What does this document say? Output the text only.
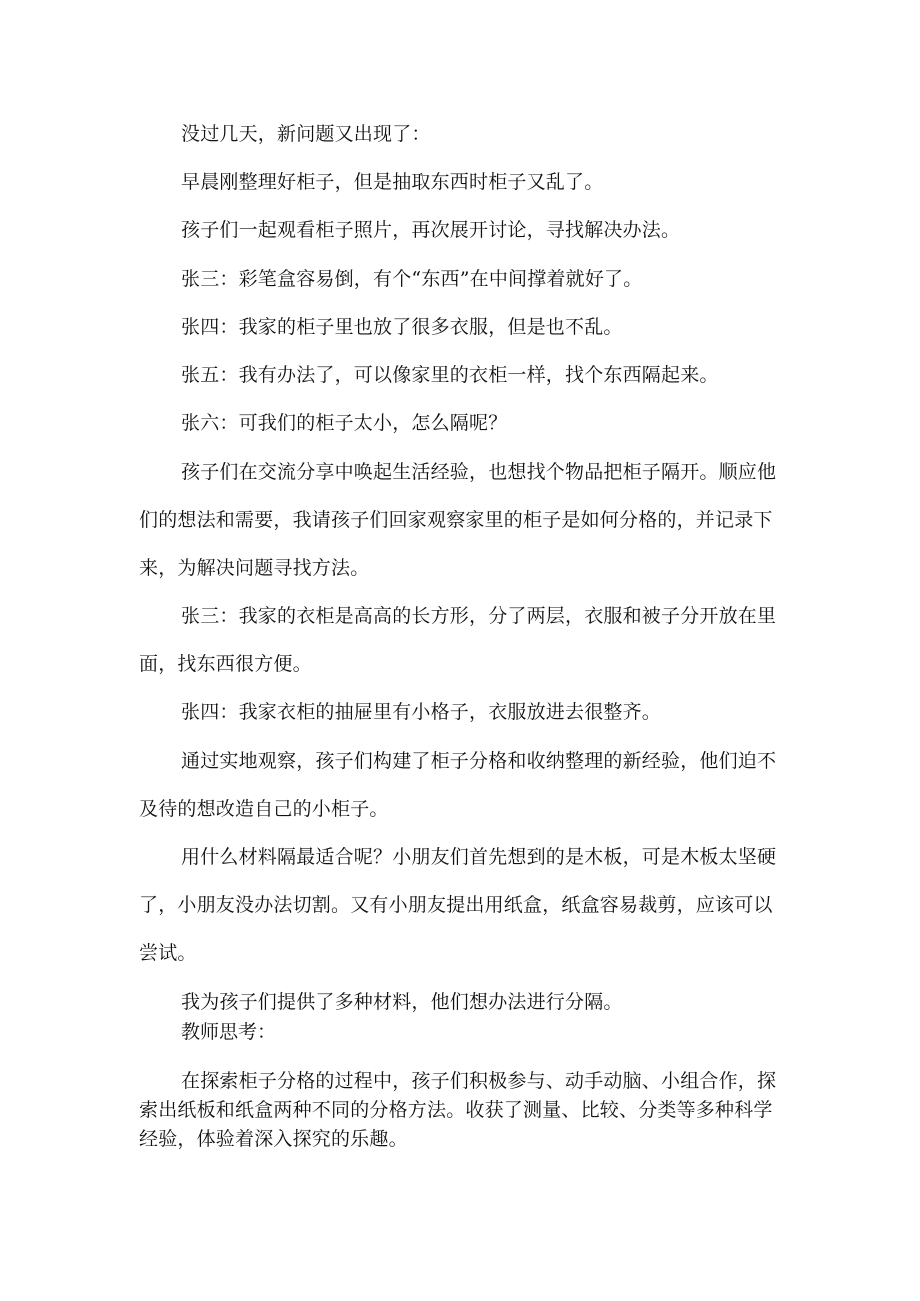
没过几天，新问题又出现了：

早晨刚整理好柜子，但是抽取东西时柜子又乱了。

孩子们一起观看柜子照片，再次展开讨论，寻找解决办法。

张三：彩笔盒容易倒，有个“东西”在中间撑着就好了。

张四：我家的柜子里也放了很多衣服，但是也不乱。

张五：我有办法了，可以像家里的衣柜一样，找个东西隔起来。

张六：可我们的柜子太小，怎么隔呢？

孩子们在交流分享中唤起生活经验，也想找个物品把柜子隔开。顺应他们的想法和需要，我请孩子们回家观察家里的柜子是如何分格的，并记录下来，为解决问题寻找方法。

张三：我家的衣柜是高高的长方形，分了两层，衣服和被子分开放在里面，找东西很方便。

张四：我家衣柜的抽屉里有小格子，衣服放进去很整齐。

通过实地观察，孩子们构建了柜子分格和收纳整理的新经验，他们迫不及待的想改造自己的小柜子。

用什么材料隔最适合呢？小朋友们首先想到的是木板，可是木板太坚硬了，小朋友没办法切割。又有小朋友提出用纸盒，纸盒容易裁剪，应该可以尝试。

我为孩子们提供了多种材料，他们想办法进行分隔。

教师思考：

在探索柜子分格的过程中，孩子们积极参与、动手动脑、小组合作，探索出纸板和纸盒两种不同的分格方法。收获了测量、比较、分类等多种科学经验，体验着深入探究的乐趣。
